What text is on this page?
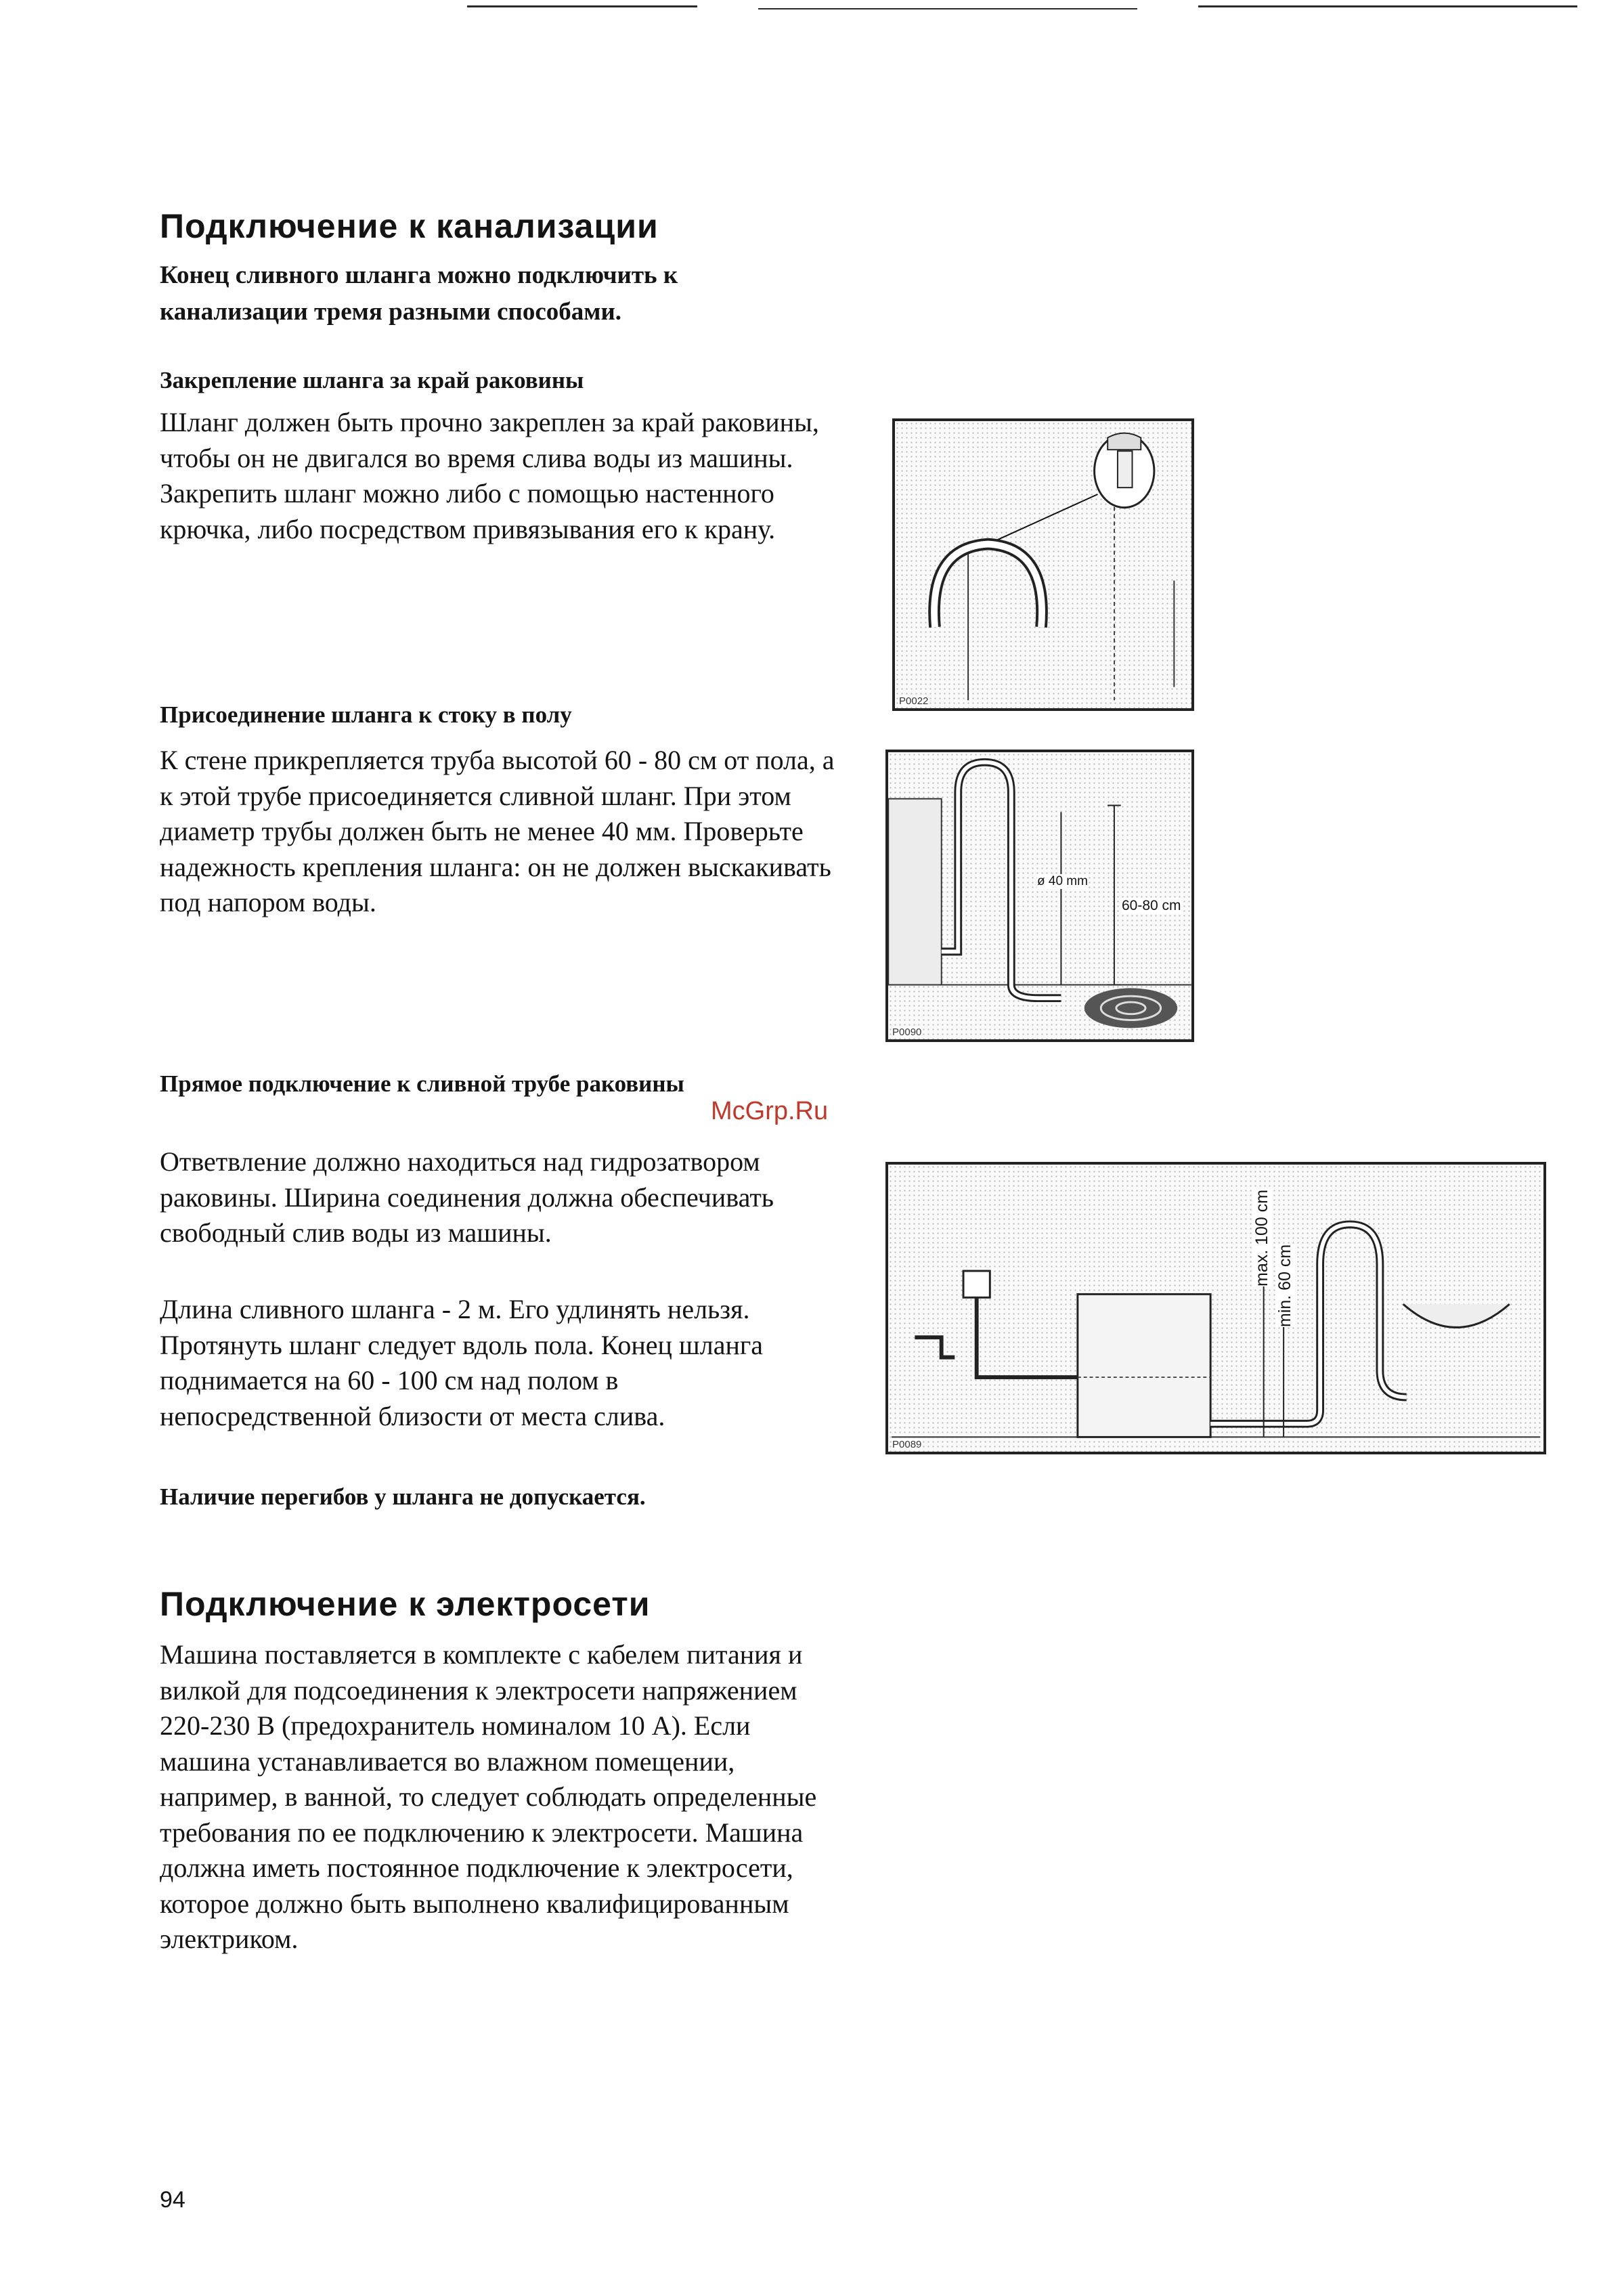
Подключение к канализации

Конец сливного шланга можно подключить к канализации тремя разными способами.

Закрепление шланга за край раковины

Шланг должен быть прочно закреплен за край раковины, чтобы он не двигался во время слива воды из машины. Закрепить шланг можно либо с помощью настенного крючка, либо посредством привязывания его к крану.

P0022

Присоединение шланга к стоку в полу

К стене прикрепляется труба высотой 60 - 80 см от пола, а к этой трубе присоединяется сливной шланг. При этом диаметр трубы должен быть не менее 40 мм. Проверьте надежность крепления шланга: он не должен выскакивать под напором воды.

ø 40 mm
60-80 cm
P0090

Прямое подключение к сливной трубе раковины

Ответвление должно находиться над гидрозатвором раковины. Ширина соединения должна обеспечивать свободный слив воды из машины.

Длина сливного шланга - 2 м. Его удлинять нельзя. Протянуть шланг следует вдоль пола. Конец шланга поднимается на 60 - 100 см над полом в непосредственной близости от места слива.

Наличие перегибов у шланга не допускается.

McGrp.Ru
max. 100 cm min. 60 cm
P0089
Подключение к электросети

Машина поставляется в комплекте с кабелем питания и вилкой для подсоединения к электросети напряжением 220-230 В (предохранитель номиналом 10 А). Если машина устанавливается во влажном помещении, например, в ванной, то следует соблюдать определенные требования по ее подключению к электросети. Машина должна иметь постоянное подключение к электросети, которое должно быть выполнено квалифицированным электриком.

94
